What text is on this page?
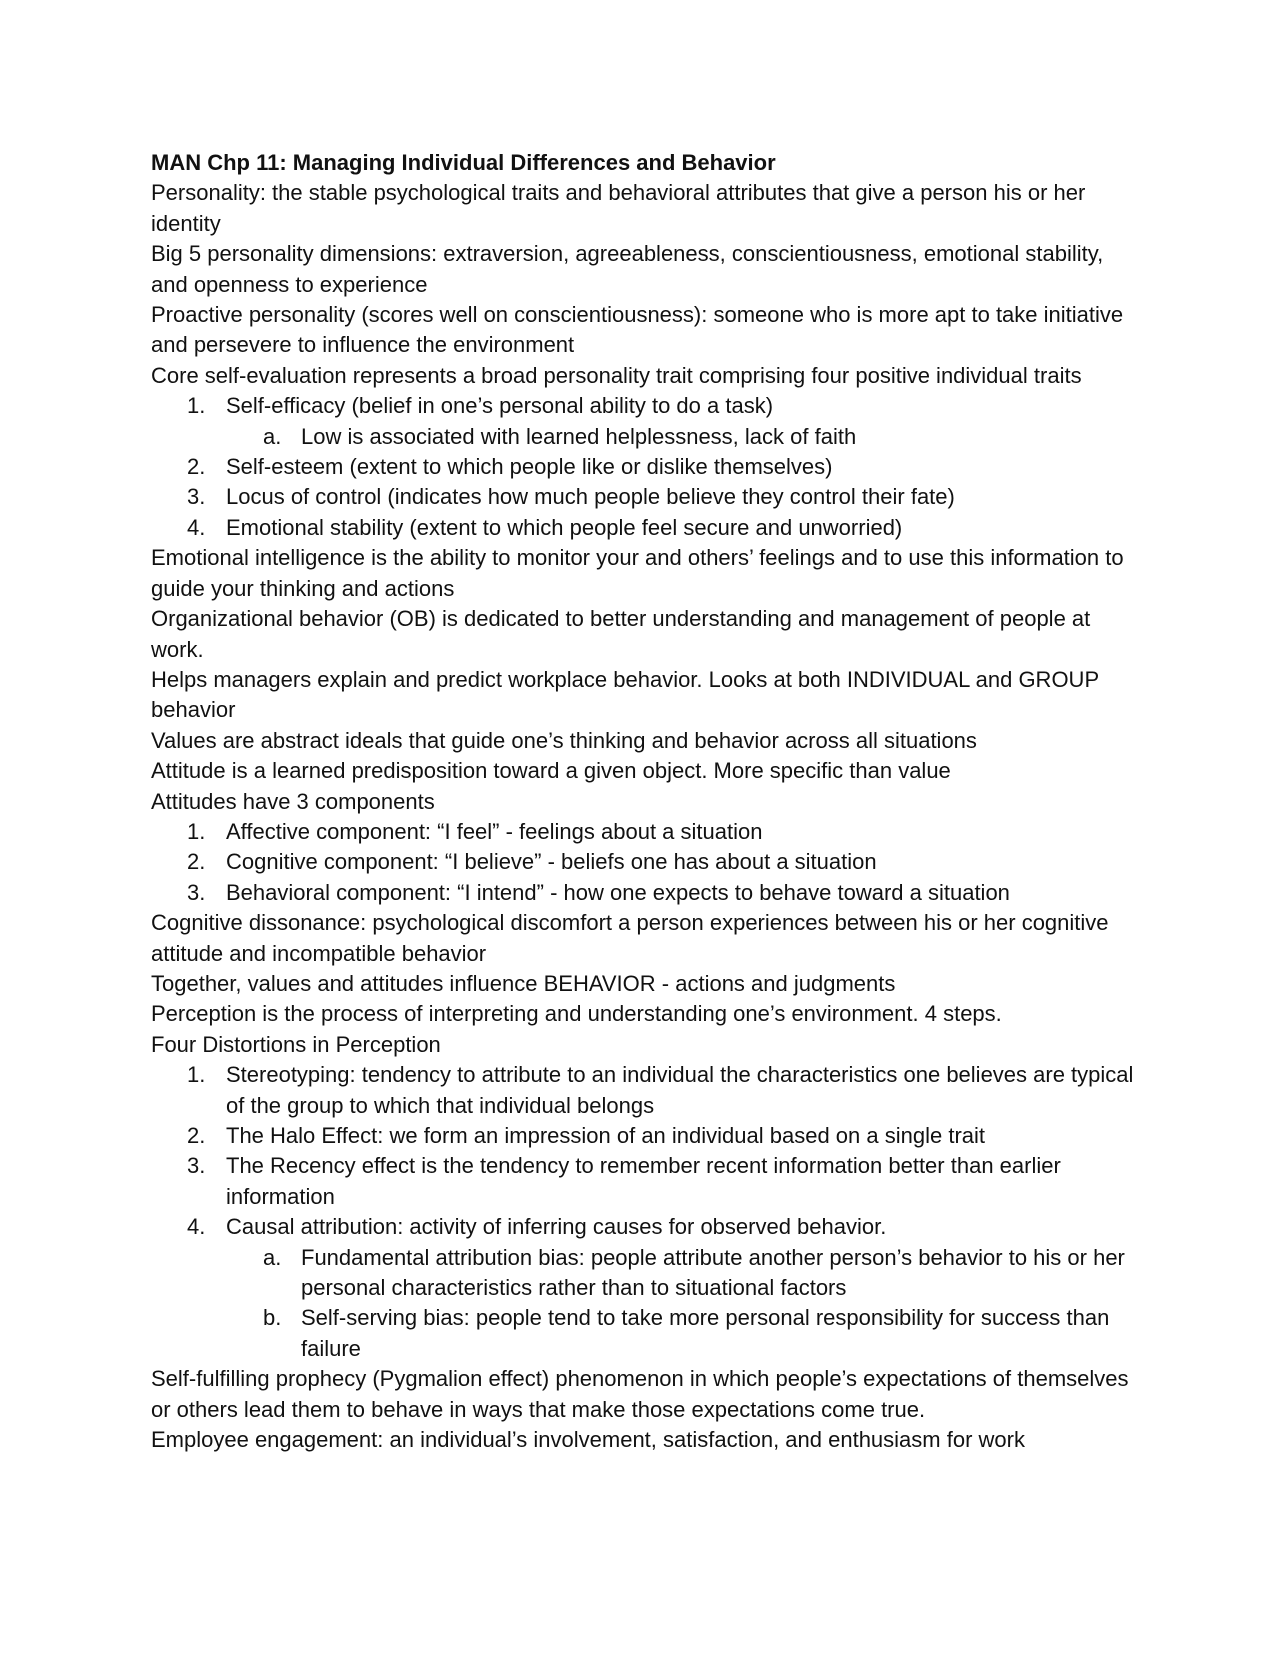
MAN Chp 11: Managing Individual Differences and Behavior

Personality: the stable psychological traits and behavioral attributes that give a person his or her identity

Big 5 personality dimensions: extraversion, agreeableness, conscientiousness, emotional stability, and openness to experience

Proactive personality (scores well on conscientiousness): someone who is more apt to take initiative and persevere to influence the environment

Core self-evaluation represents a broad personality trait comprising four positive individual traits

1. Self-efficacy (belief in one’s personal ability to do a task)
a. Low is associated with learned helplessness, lack of faith
2. Self-esteem (extent to which people like or dislike themselves)
3. Locus of control (indicates how much people believe they control their fate)
4. Emotional stability (extent to which people feel secure and unworried)

Emotional intelligence is the ability to monitor your and others’ feelings and to use this information to guide your thinking and actions

Organizational behavior (OB) is dedicated to better understanding and management of people at work.

Helps managers explain and predict workplace behavior. Looks at both INDIVIDUAL and GROUP behavior

Values are abstract ideals that guide one’s thinking and behavior across all situations

Attitude is a learned predisposition toward a given object. More specific than value

Attitudes have 3 components

1. Affective component: “I feel” - feelings about a situation
2. Cognitive component: “I believe” - beliefs one has about a situation
3. Behavioral component: “I intend” - how one expects to behave toward a situation

Cognitive dissonance: psychological discomfort a person experiences between his or her cognitive attitude and incompatible behavior

Together, values and attitudes influence BEHAVIOR - actions and judgments

Perception is the process of interpreting and understanding one’s environment. 4 steps.

Four Distortions in Perception

1. Stereotyping: tendency to attribute to an individual the characteristics one believes are typical of the group to which that individual belongs
2. The Halo Effect: we form an impression of an individual based on a single trait
3. The Recency effect is the tendency to remember recent information better than earlier information
4. Causal attribution: activity of inferring causes for observed behavior.
a. Fundamental attribution bias: people attribute another person’s behavior to his or her personal characteristics rather than to situational factors
b. Self-serving bias: people tend to take more personal responsibility for success than failure

Self-fulfilling prophecy (Pygmalion effect) phenomenon in which people’s expectations of themselves or others lead them to behave in ways that make those expectations come true.

Employee engagement: an individual’s involvement, satisfaction, and enthusiasm for work
